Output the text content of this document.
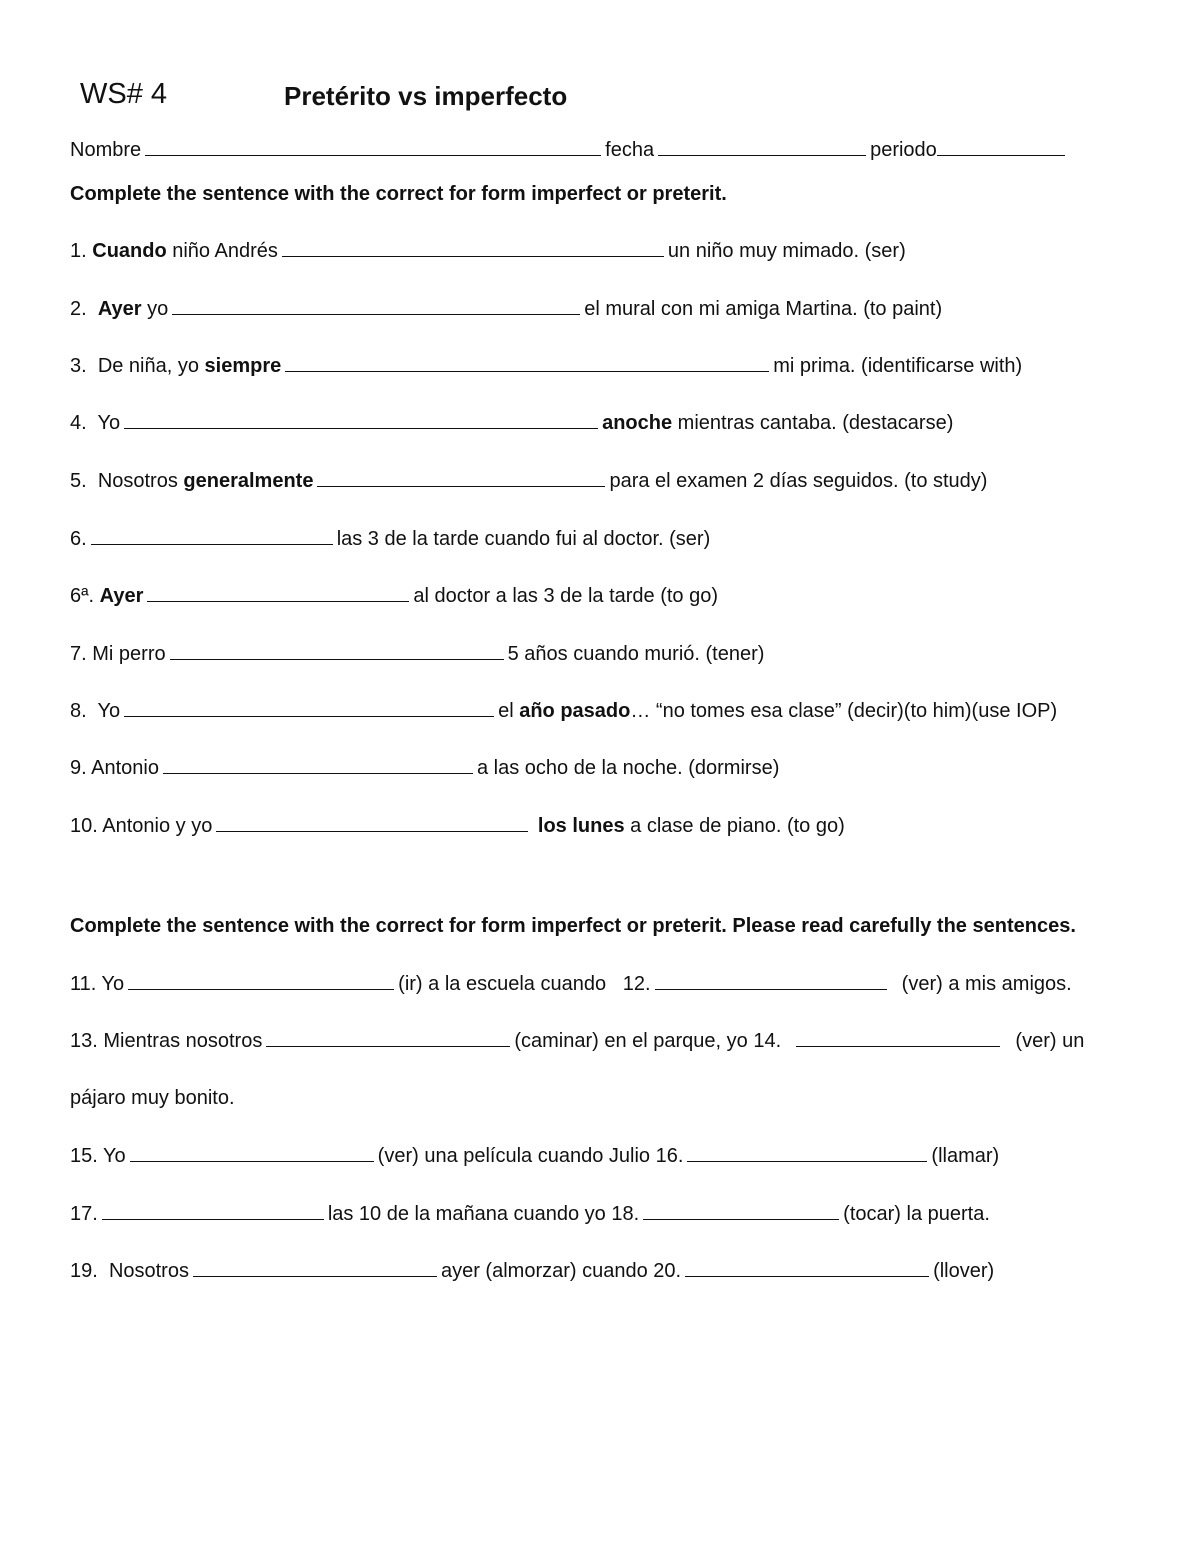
WS# 4	Pretérito vs imperfecto
Nombre	fecha	periodo
Complete the sentence with the correct for form imperfect or preterit.
1. Cuando niño Andrés	un niño muy mimado. (ser)
2. Ayer yo	el mural con mi amiga Martina. (to paint)
3. De niña, yo siempre	mi prima. (identificarse with)
4. Yo	anoche mientras cantaba. (destacarse)
5. Nosotros generalmente	para el examen 2 días seguidos. (to study)
6.	las 3 de la tarde cuando fui al doctor. (ser)
6ª. Ayer	al doctor a las 3 de la tarde (to go)
7. Mi perro	5 años cuando murió. (tener)
8. Yo	el año pasado… “no tomes esa clase” (decir)(to him)(use IOP)
9. Antonio	a las ocho de la noche. (dormirse)
10. Antonio y yo	los lunes a clase de piano. (to go)
Complete the sentence with the correct for form imperfect or preterit. Please read carefully the sentences.
11. Yo	(ir) a la escuela cuando 12.	(ver) a mis amigos.
13. Mientras nosotros	(caminar) en el parque, yo 14.	(ver) un
pájaro muy bonito.
15. Yo	(ver) una película cuando Julio 16.	(llamar)
17.	las 10 de la mañana cuando yo 18.	(tocar) la puerta.
19. Nosotros	ayer (almorzar) cuando 20.	(llover)
